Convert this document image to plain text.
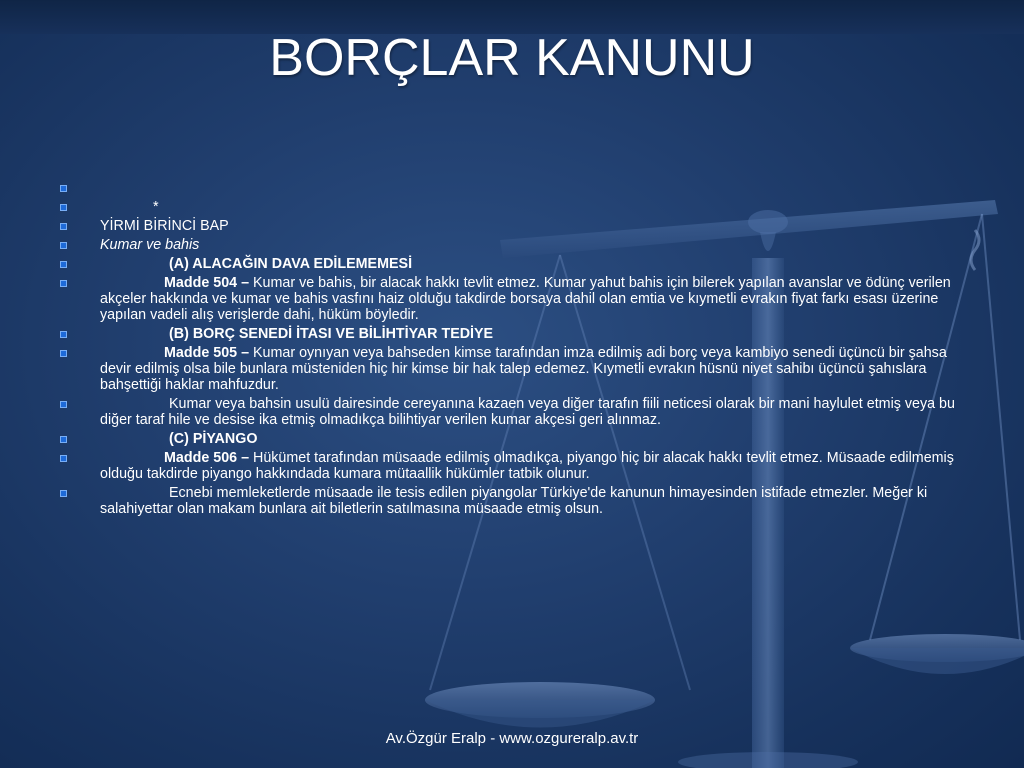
BORÇLAR KANUNU
*
YİRMİ BİRİNCİ BAP
Kumar ve bahis
(A) ALACAĞIN DAVA EDİLEMEMESİ
Madde 504 – Kumar ve bahis, bir alacak hakkı tevlit etmez. Kumar yahut bahis için bilerek yapılan avanslar ve ödünç verilen akçeler hakkında ve kumar ve bahis vasfını haiz olduğu takdirde borsaya dahil olan emtia ve kıymetli evrakın fiyat farkı esası üzerine yapılan vadeli alış verişlerde dahi, hüküm böyledir.
(B) BORÇ SENEDİ İTASI VE BİLİHTİYAR TEDİYE
Madde 505 – Kumar oynıyan veya bahseden kimse tarafından imza edilmiş adi borç veya kambiyo senedi üçüncü bir şahsa devir edilmiş olsa bile bunlara müsteniden hiç hir kimse bir hak talep edemez. Kıymetli evrakın hüsnü niyet sahibı üçüncü şahıslara bahşettiği haklar mahfuzdur.
Kumar veya bahsin usulü dairesinde cereyanına kazaen veya diğer tarafın fiili neticesi olarak bir mani haylulet etmiş veya bu diğer taraf hile ve desise ika etmiş olmadıkça bilihtiyar verilen kumar akçesi geri alınmaz.
(C) PİYANGO
Madde 506 – Hükümet tarafından müsaade edilmiş olmadıkça, piyango hiç bir alacak hakkı tevlit etmez. Müsaade edilmemiş olduğu takdirde piyango hakkındada kumara mütaallik hükümler tatbik olunur.
Ecnebi memleketlerde müsaade ile tesis edilen piyangolar Türkiye'de kanunun himayesinden istifade etmezler. Meğer ki salahiyettar olan makam bunlara ait biletlerin satılmasına müsaade etmiş olsun.
Av.Özgür Eralp - www.ozgureralp.av.tr
